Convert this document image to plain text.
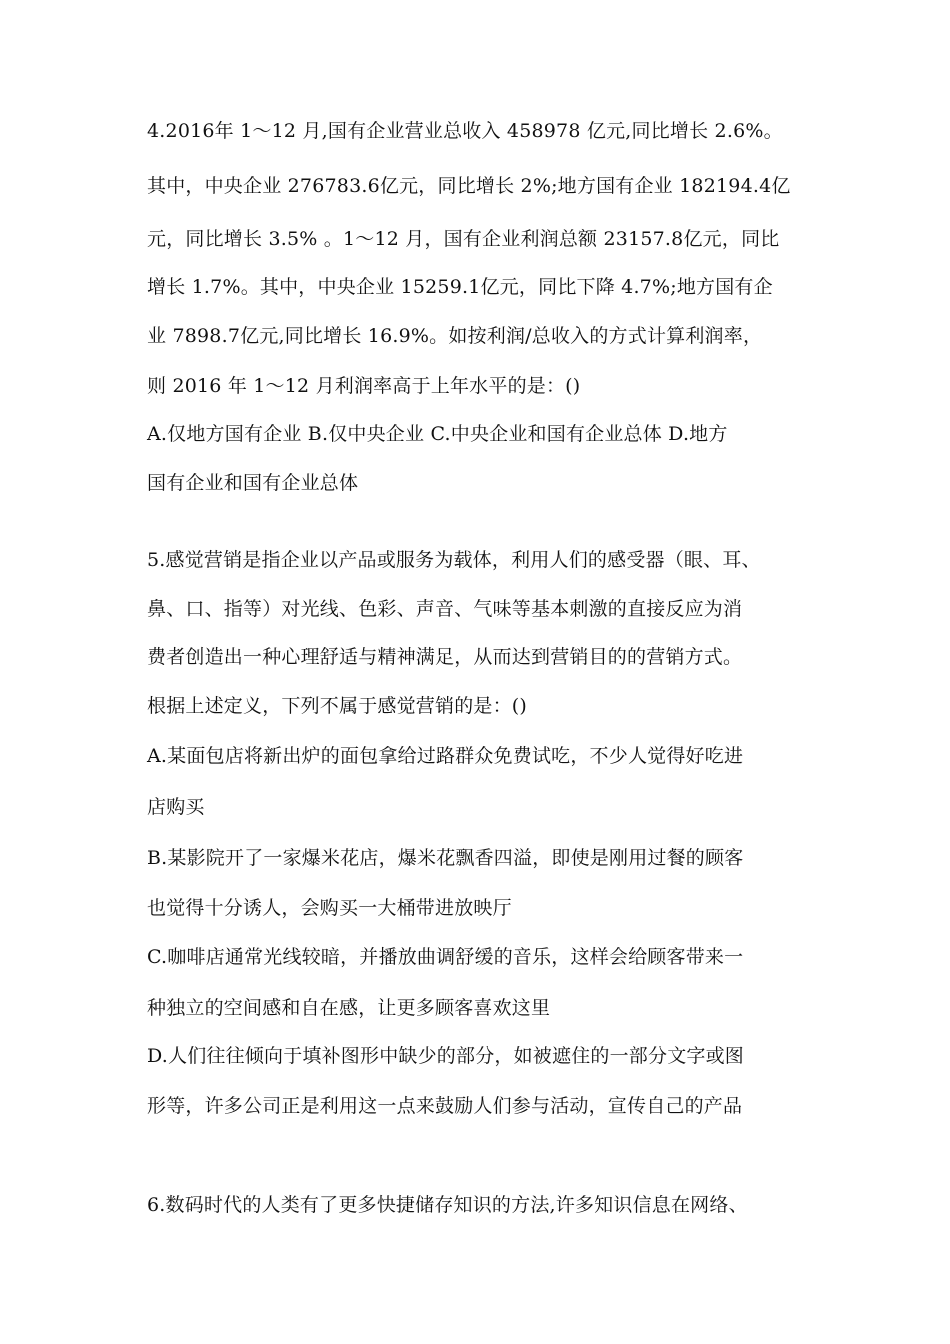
4.2016年 1～12 月,国有企业营业总收入 458978 亿元,同比增长 2.6%。
其中，中央企业 276783.6亿元，同比增长 2%;地方国有企业 182194.4亿
元，同比增长 3.5% 。1～12 月，国有企业利润总额 23157.8亿元，同比
增长 1.7%。其中，中央企业 15259.1亿元，同比下降 4.7%;地方国有企
业 7898.7亿元,同比增长 16.9%。如按利润/总收入的方式计算利润率，
则 2016 年 1～12 月利润率高于上年水平的是：()
A.仅地方国有企业 B.仅中央企业 C.中央企业和国有企业总体 D.地方
国有企业和国有企业总体
5.感觉营销是指企业以产品或服务为载体，利用人们的感受器（眼、耳、
鼻、口、指等）对光线、色彩、声音、气味等基本刺激的直接反应为消
费者创造出一种心理舒适与精神满足，从而达到营销目的的营销方式。
根据上述定义，下列不属于感觉营销的是：()
A.某面包店将新出炉的面包拿给过路群众免费试吃，不少人觉得好吃进
店购买
B.某影院开了一家爆米花店，爆米花飘香四溢，即使是刚用过餐的顾客
也觉得十分诱人，会购买一大桶带进放映厅
C.咖啡店通常光线较暗，并播放曲调舒缓的音乐，这样会给顾客带来一
种独立的空间感和自在感，让更多顾客喜欢这里
D.人们往往倾向于填补图形中缺少的部分，如被遮住的一部分文字或图
形等，许多公司正是利用这一点来鼓励人们参与活动，宣传自己的产品
6.数码时代的人类有了更多快捷储存知识的方法,许多知识信息在网络、
